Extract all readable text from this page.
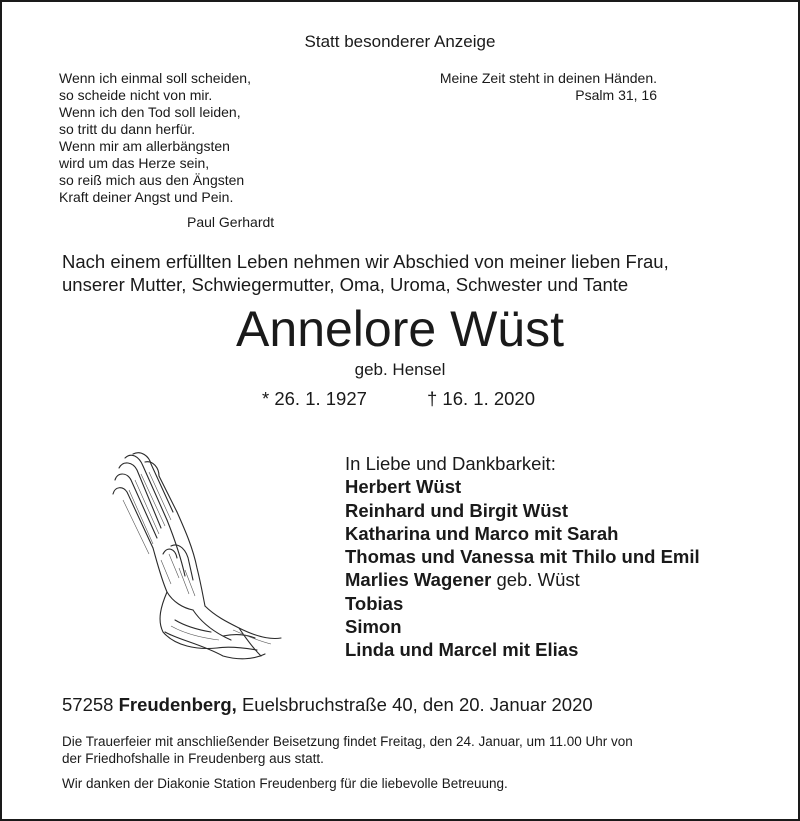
Statt besonderer Anzeige
Wenn ich einmal soll scheiden,
so scheide nicht von mir.
Wenn ich den Tod soll leiden,
so tritt du dann herfür.
Wenn mir am allerbängsten
wird um das Herze sein,
so reiß mich aus den Ängsten
Kraft deiner Angst und Pein.
Paul Gerhardt
Meine Zeit steht in deinen Händen.
Psalm 31, 16
Nach einem erfüllten Leben nehmen wir Abschied von meiner lieben Frau,
unserer Mutter, Schwiegermutter, Oma, Uroma, Schwester und Tante
Annelore Wüst
geb. Hensel
* 26. 1. 1927	† 16. 1. 2020
In Liebe und Dankbarkeit:
Herbert Wüst
Reinhard und Birgit Wüst
Katharina und Marco mit Sarah
Thomas und Vanessa mit Thilo und Emil
Marlies Wagener geb. Wüst
Tobias
Simon
Linda und Marcel mit Elias
57258 Freudenberg, Euelsbruchstraße 40, den 20. Januar 2020
Die Trauerfeier mit anschließender Beisetzung findet Freitag, den 24. Januar, um 11.00 Uhr von
der Friedhofshalle in Freudenberg aus statt.
Wir danken der Diakonie Station Freudenberg für die liebevolle Betreuung.
